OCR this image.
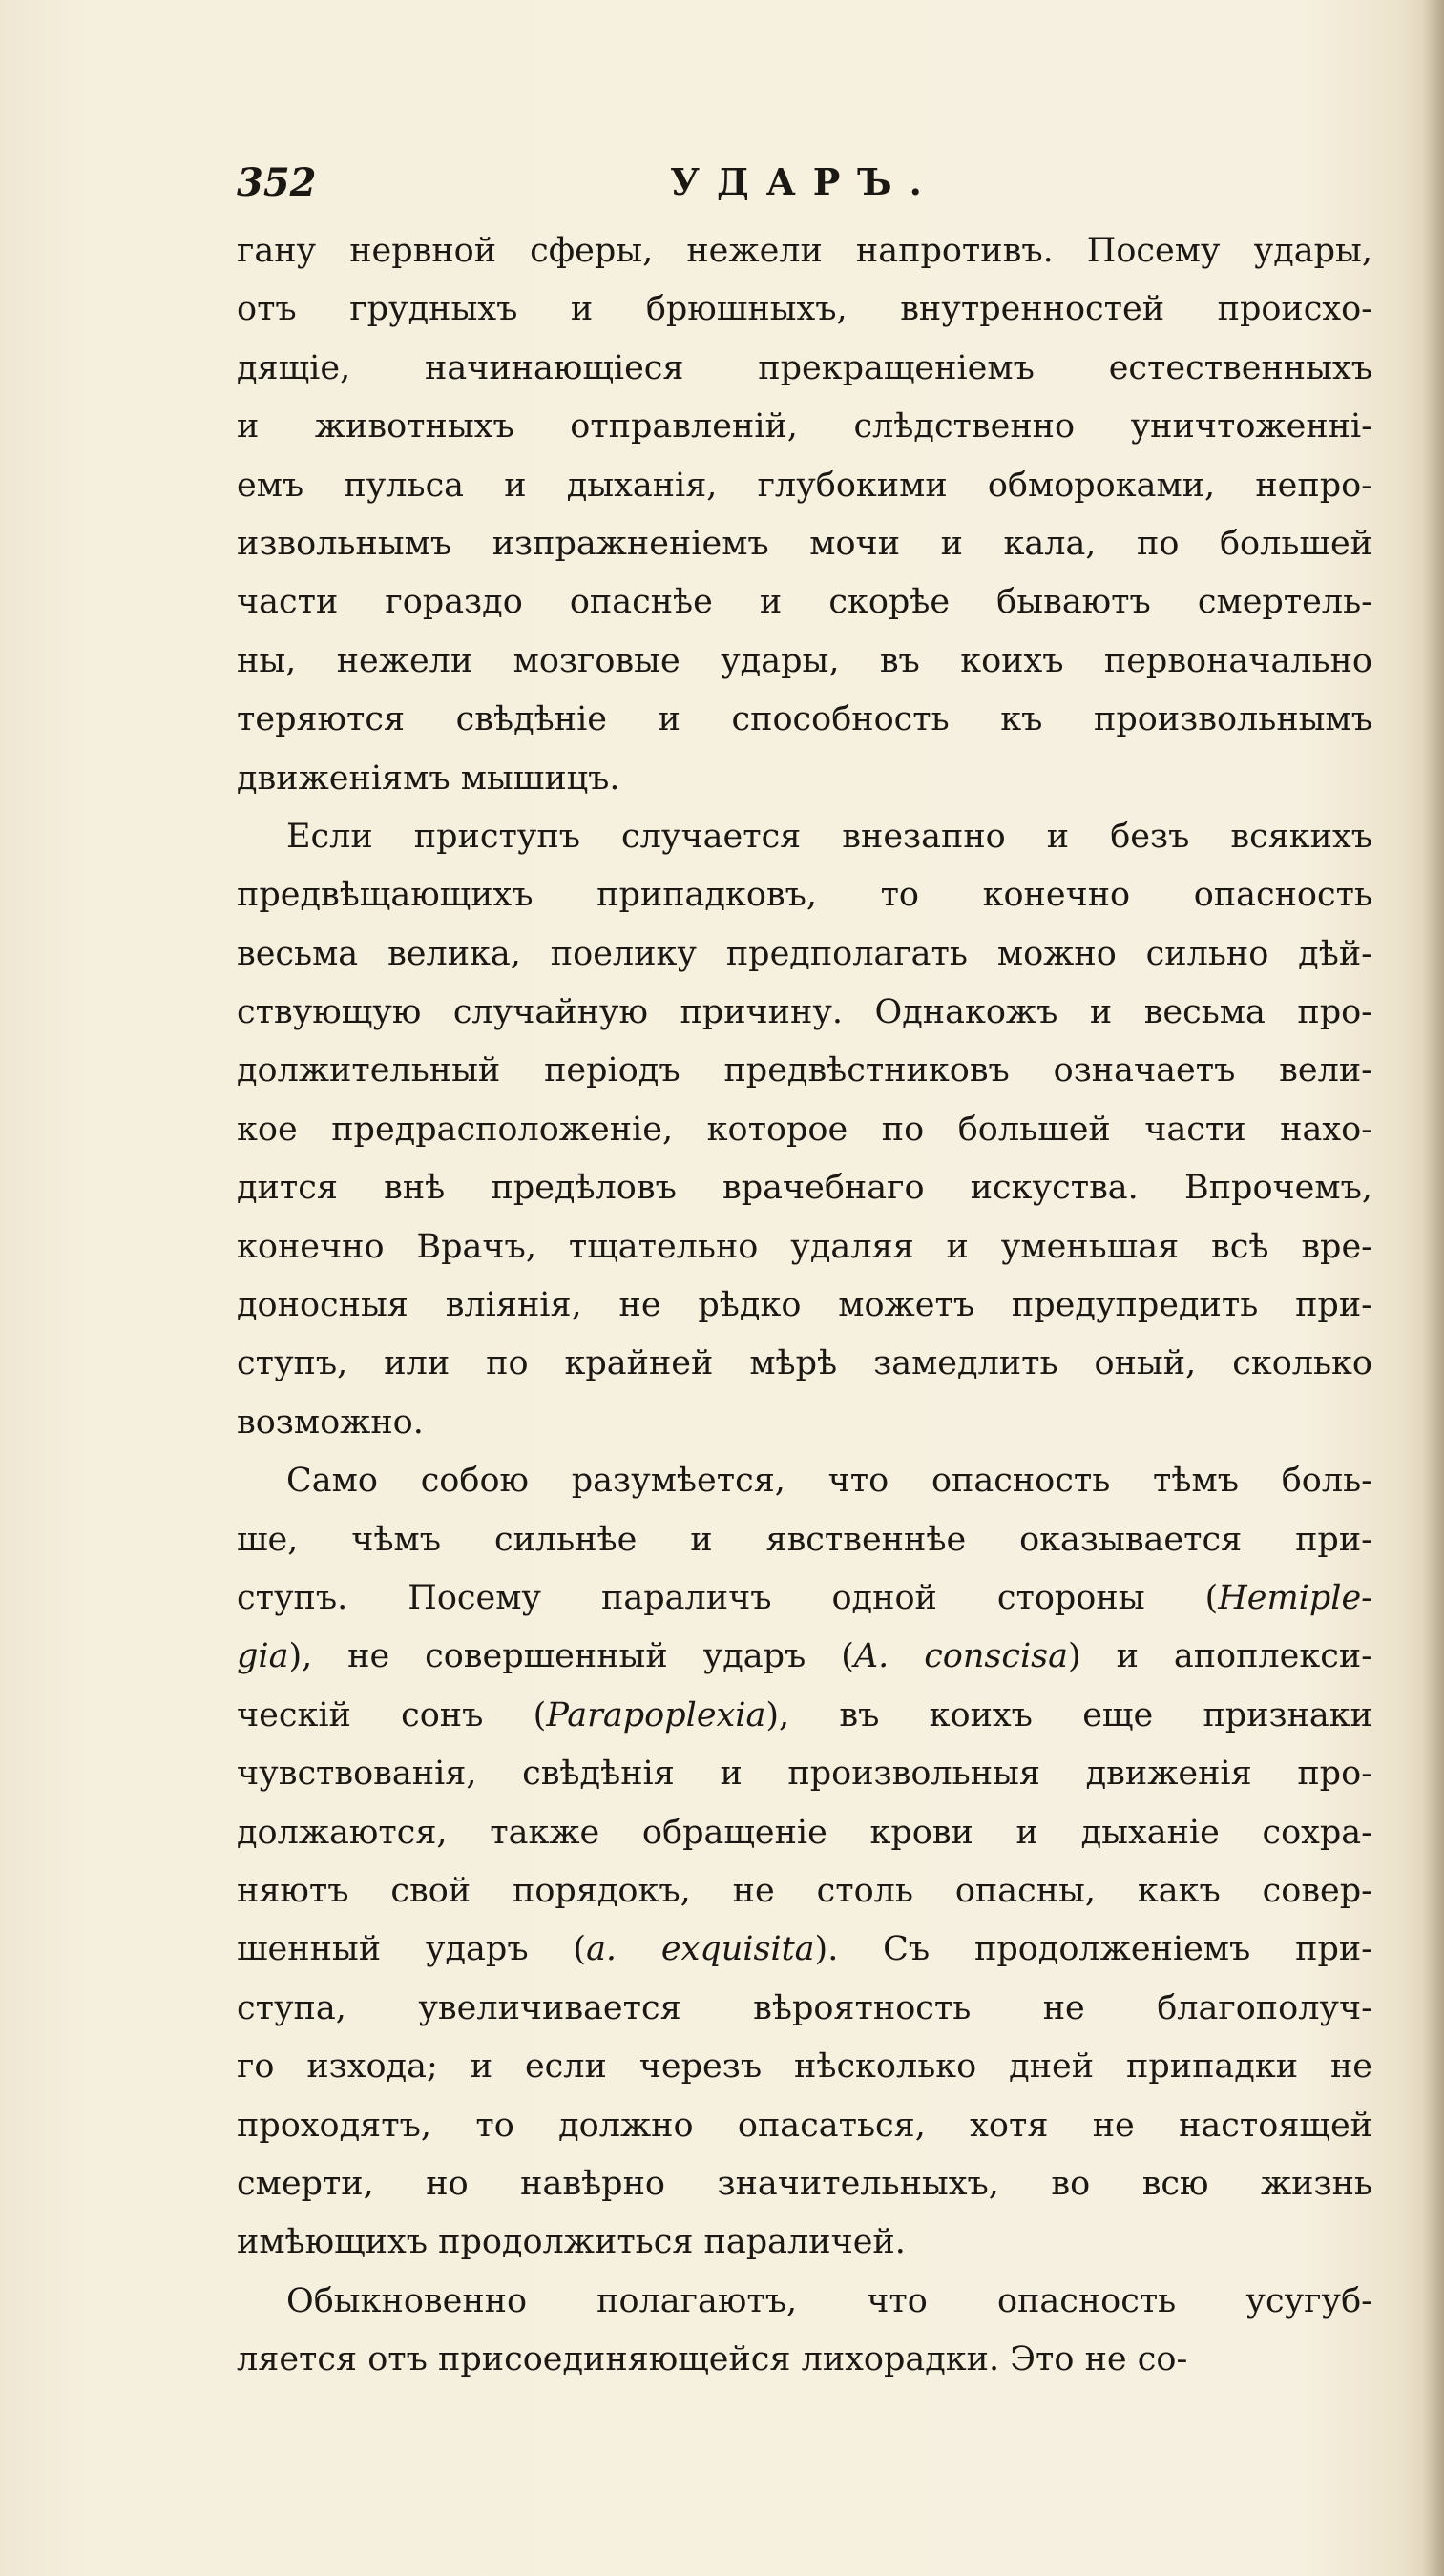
352	УДАРЪ.
гану нервной сферы, нежели напротивъ. Посему удары,
отъ грудныхъ и брюшныхъ, внутренностей происхо-
дящіе, начинающіеся прекращеніемъ естественныхъ
и животныхъ отправленій, слѣдственно уничтоженні-
емъ пульса и дыханія, глубокими обмороками, непро-
извольнымъ изпражненіемъ мочи и кала, по большей
части гораздо опаснѣе и скорѣе бываютъ смертель-
ны, нежели мозговые удары, въ коихъ первоначально
теряются свѣдѣніе и способность къ произвольнымъ
движеніямъ мышицъ.
Если приступъ случается внезапно и безъ всякихъ
предвѣщающихъ припадковъ, то конечно опасность
весьма велика, поелику предполагать можно сильно дѣй-
ствующую случайную причину. Однакожъ и весьма про-
должительный періодъ предвѣстниковъ означаетъ вели-
кое предрасположеніе, которое по большей части нахо-
дится внѣ предѣловъ врачебнаго искуства. Впрочемъ,
конечно Врачъ, тщательно удаляя и уменьшая всѣ вре-
доносныя вліянія, не рѣдко можетъ предупредить при-
ступъ, или по крайней мѣрѣ замедлить оный, сколько
возможно.
Само собою разумѣется, что опасность тѣмъ боль-
ше, чѣмъ сильнѣе и явственнѣе оказывается при-
ступъ. Посему параличъ одной стороны (Hemiple-
gia), не совершенный ударъ (A. conscisa) и апоплекси-
ческій сонъ (Parapoplexia), въ коихъ еще признаки
чувствованія, свѣдѣнія и произвольныя движенія про-
должаются, также обращеніе крови и дыханіе сохра-
няютъ свой порядокъ, не столь опасны, какъ совер-
шенный ударъ (a. exquisita). Съ продолженіемъ при-
ступа, увеличивается вѣроятность не благополуч-
го изхода; и если черезъ нѣсколько дней припадки не
проходятъ, то должно опасаться, хотя не настоящей
смерти, но навѣрно значительныхъ, во всю жизнь
имѣющихъ продолжиться параличей.
Обыкновенно полагаютъ, что опасность усугуб-
ляется отъ присоединяющейся лихорадки. Это не со-
